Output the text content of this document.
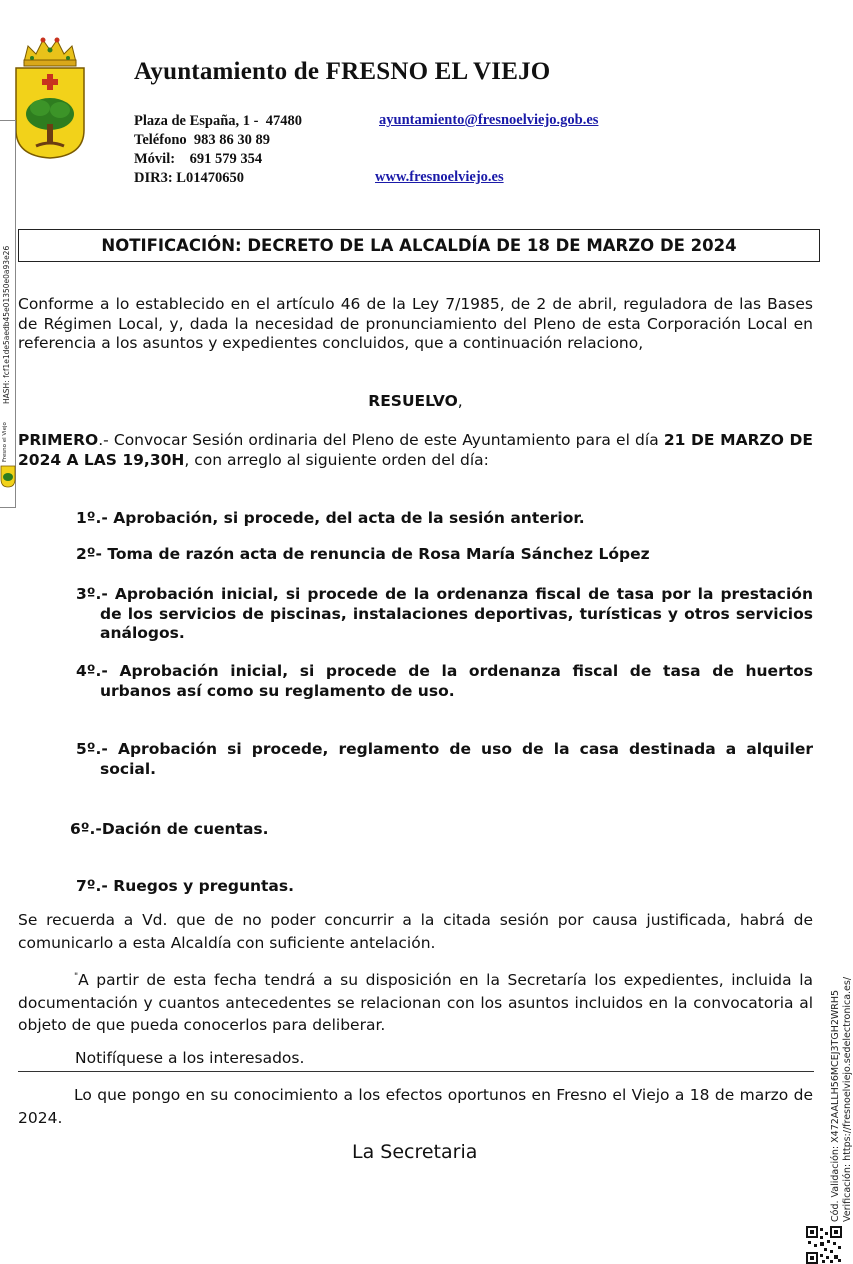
Ayuntamiento de FRESNO EL VIEJO
Plaza de España, 1 -  47480
Teléfono  983 86 30 89
Móvil:    691 579 354
DIR3: L01470650
ayuntamiento@fresnoelviejo.gob.es
www.fresnoelviejo.es
HASH: fcf1e1de5aedb45e01350e0a93e26
Fresno el Viejo
NOTIFICACIÓN: DECRETO DE LA ALCALDÍA DE 18 DE MARZO DE 2024
Conforme a lo establecido en el artículo 46 de la Ley 7/1985, de 2 de abril, reguladora de las Bases de Régimen Local, y, dada la necesidad de pronunciamiento del Pleno de esta Corporación Local en referencia a los asuntos y expedientes concluidos, que a continuación relaciono,
RESUELVO,
PRIMERO.- Convocar Sesión ordinaria del Pleno de este Ayuntamiento para el día 21 DE MARZO DE 2024 A LAS 19,30H, con arreglo al siguiente orden del día:
1º.- Aprobación, si procede, del acta de la sesión anterior.
2º- Toma de razón acta de renuncia de Rosa María Sánchez López
3º.- Aprobación inicial, si procede de la ordenanza fiscal de tasa por la prestación de los servicios de piscinas, instalaciones deportivas, turísticas y otros servicios análogos.
4º.- Aprobación inicial, si procede de la ordenanza fiscal de tasa de huertos urbanos así como su reglamento de uso.
5º.- Aprobación si procede, reglamento de uso de la casa destinada a alquiler social.
6º.-Dación de cuentas.
7º.- Ruegos y preguntas.
Se recuerda a Vd. que de no poder concurrir a la citada sesión por causa justificada, habrá de comunicarlo a esta Alcaldía con suficiente antelación.
"A partir de esta fecha tendrá a su disposición en la Secretaría los expedientes, incluida la documentación y cuantos antecedentes se relacionan con los asuntos incluidos en la convocatoria al objeto de que pueda conocerlos para deliberar.
Notifíquese a los interesados.
Lo que pongo en su conocimiento a los efectos oportunos en Fresno el Viejo a 18 de marzo de 2024.
La Secretaria	Cód. Validación: X472AALLH56MCEJ3TGH2WRH5 Verificación: https://fresnoelviejo.sedelectronica.es/
